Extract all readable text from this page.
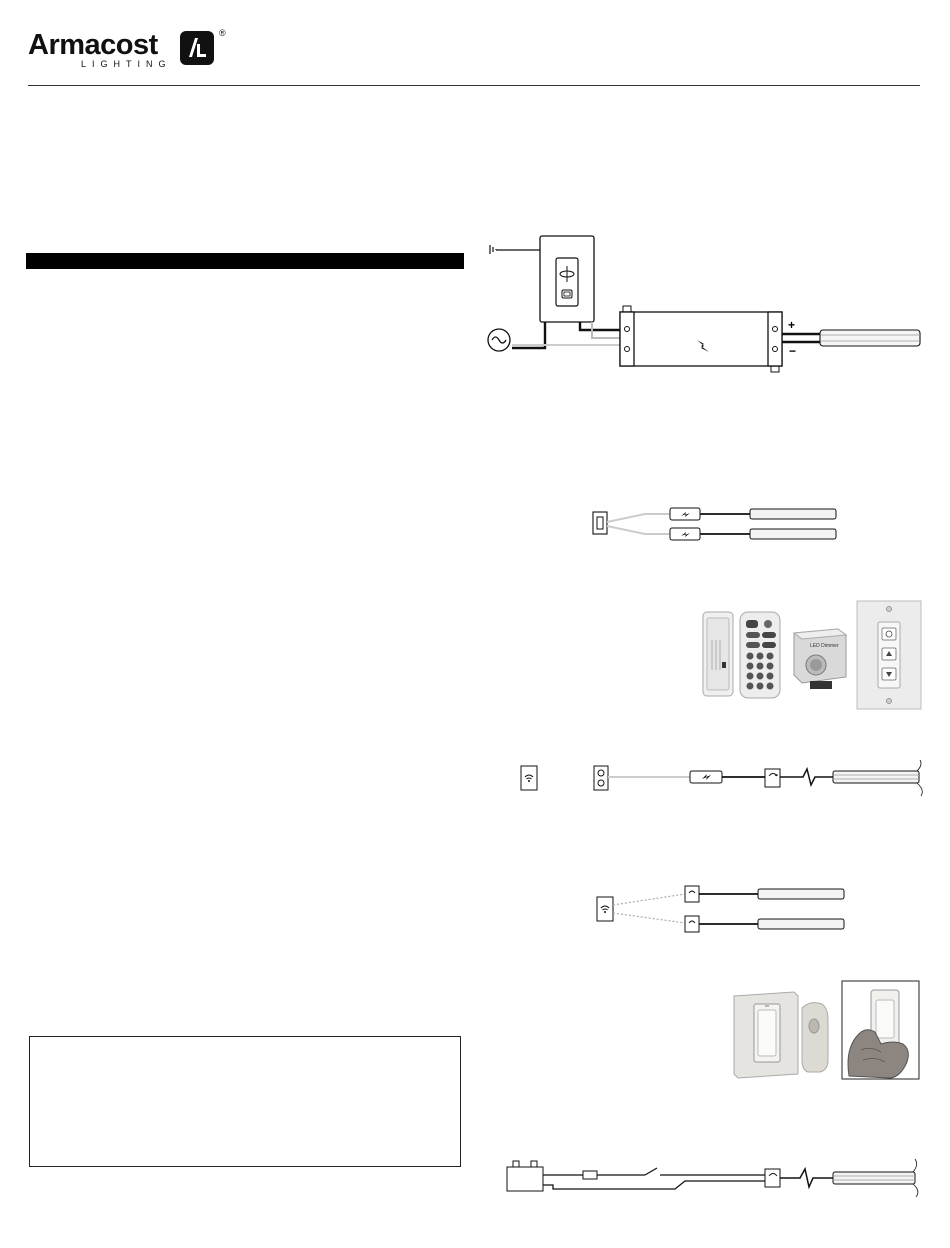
Armacost
LIGHTING
®
+
−
LED Dimmer
